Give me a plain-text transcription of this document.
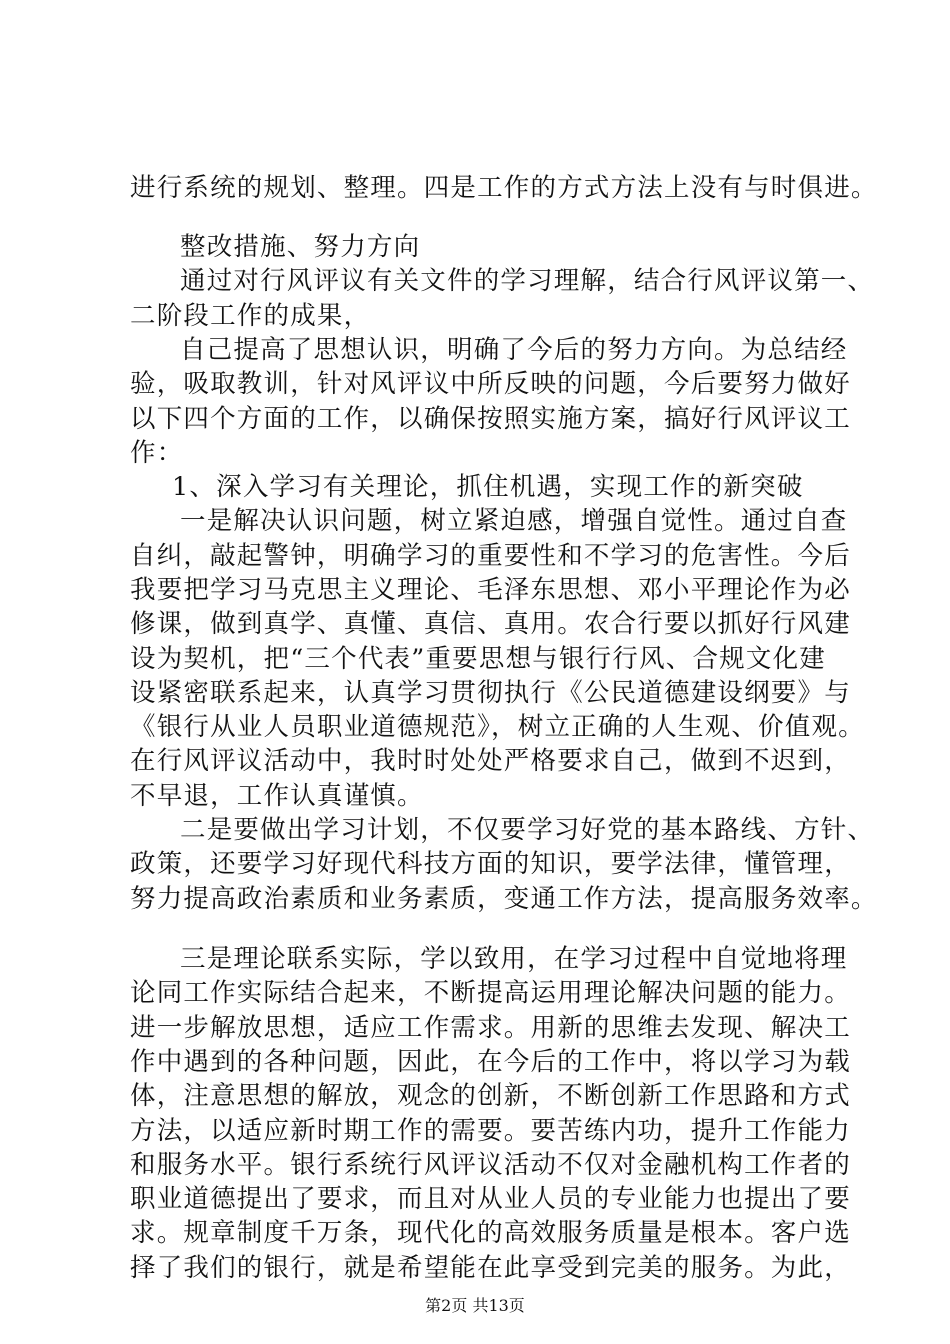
进行系统的规划、整理。四是工作的方式方法上没有与时俱进。
整改措施、努力方向
通过对行风评议有关文件的学习理解，结合行风评议第一、
二阶段工作的成果，
自己提高了思想认识，明确了今后的努力方向。为总结经
验，吸取教训，针对风评议中所反映的问题，今后要努力做好
以下四个方面的工作，以确保按照实施方案，搞好行风评议工
作：
1、深入学习有关理论，抓住机遇，实现工作的新突破
一是解决认识问题，树立紧迫感，增强自觉性。通过自查
自纠，敲起警钟，明确学习的重要性和不学习的危害性。今后
我要把学习马克思主义理论、毛泽东思想、邓小平理论作为必
修课，做到真学、真懂、真信、真用。农合行要以抓好行风建
设为契机，把“三个代表”重要思想与银行行风、合规文化建
设紧密联系起来，认真学习贯彻执行《公民道德建设纲要》与
《银行从业人员职业道德规范》，树立正确的人生观、价值观。
在行风评议活动中，我时时处处严格要求自己，做到不迟到，
不早退，工作认真谨慎。
二是要做出学习计划，不仅要学习好党的基本路线、方针、
政策，还要学习好现代科技方面的知识，要学法律，懂管理，
努力提高政治素质和业务素质，变通工作方法，提高服务效率。
三是理论联系实际，学以致用，在学习过程中自觉地将理
论同工作实际结合起来，不断提高运用理论解决问题的能力。
进一步解放思想，适应工作需求。用新的思维去发现、解决工
作中遇到的各种问题，因此，在今后的工作中，将以学习为载
体，注意思想的解放，观念的创新，不断创新工作思路和方式
方法，以适应新时期工作的需要。要苦练内功，提升工作能力
和服务水平。银行系统行风评议活动不仅对金融机构工作者的
职业道德提出了要求，而且对从业人员的专业能力也提出了要
求。规章制度千万条，现代化的高效服务质量是根本。客户选
择了我们的银行，就是希望能在此享受到完美的服务。为此，
第2页 共13页
